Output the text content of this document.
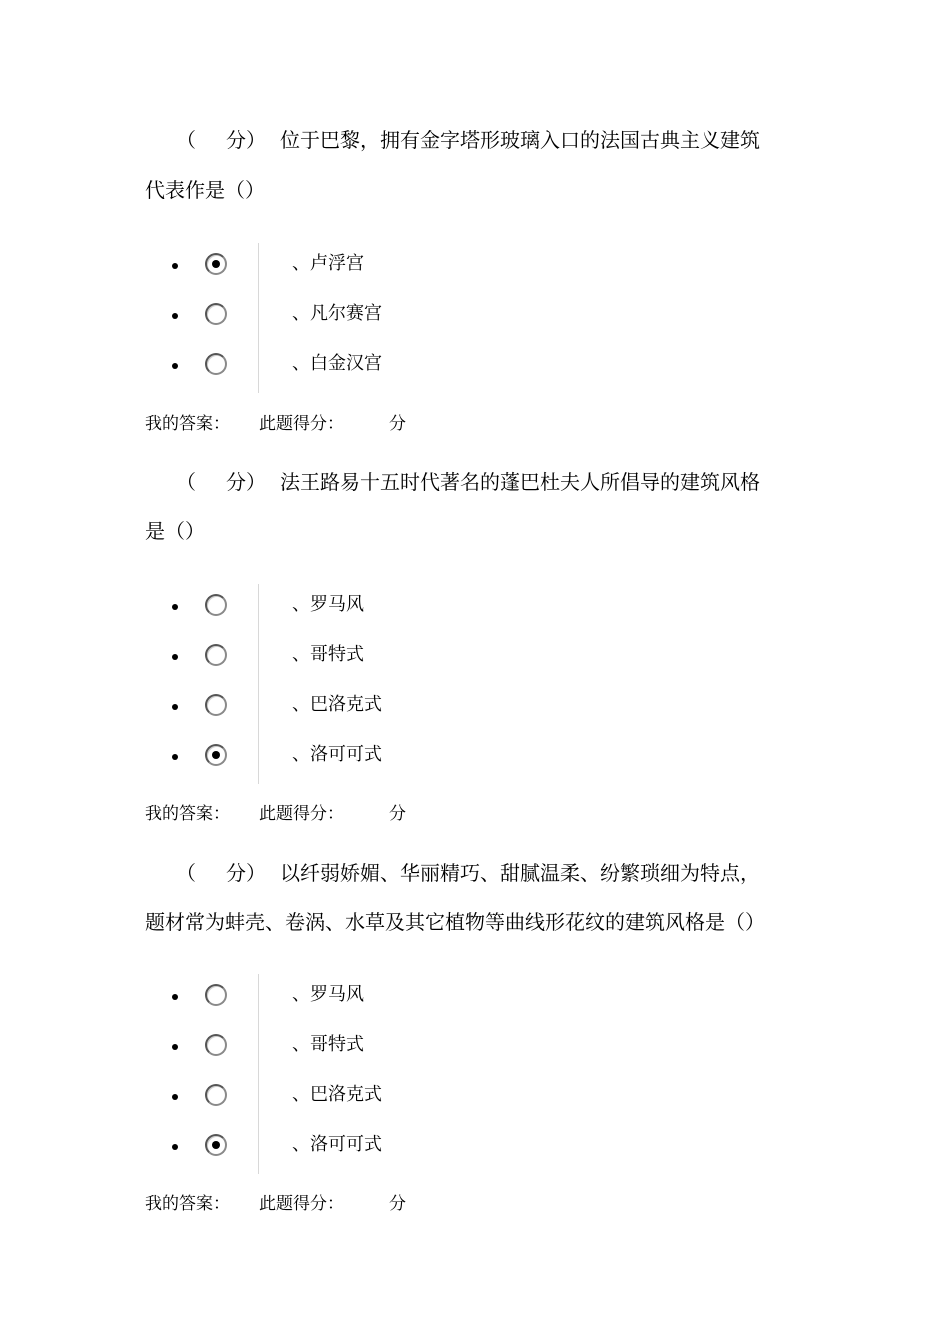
（ 分） 位于巴黎，拥有金字塔形玻璃入口的法国古典主义建筑
代表作是（）
、卢浮宫
、凡尔赛宫
、白金汉宫
我的答案： 此题得分：	分
（ 分） 法王路易十五时代著名的蓬巴杜夫人所倡导的建筑风格
是（）
、罗马风
、哥特式
、巴洛克式
、洛可可式
我的答案： 此题得分：	分
（ 分） 以纤弱娇媚、华丽精巧、甜腻温柔、纷繁琐细为特点，
题材常为蚌壳、卷涡、水草及其它植物等曲线形花纹的建筑风格是（）
、罗马风
、哥特式
、巴洛克式
、洛可可式
我的答案： 此题得分：	分
